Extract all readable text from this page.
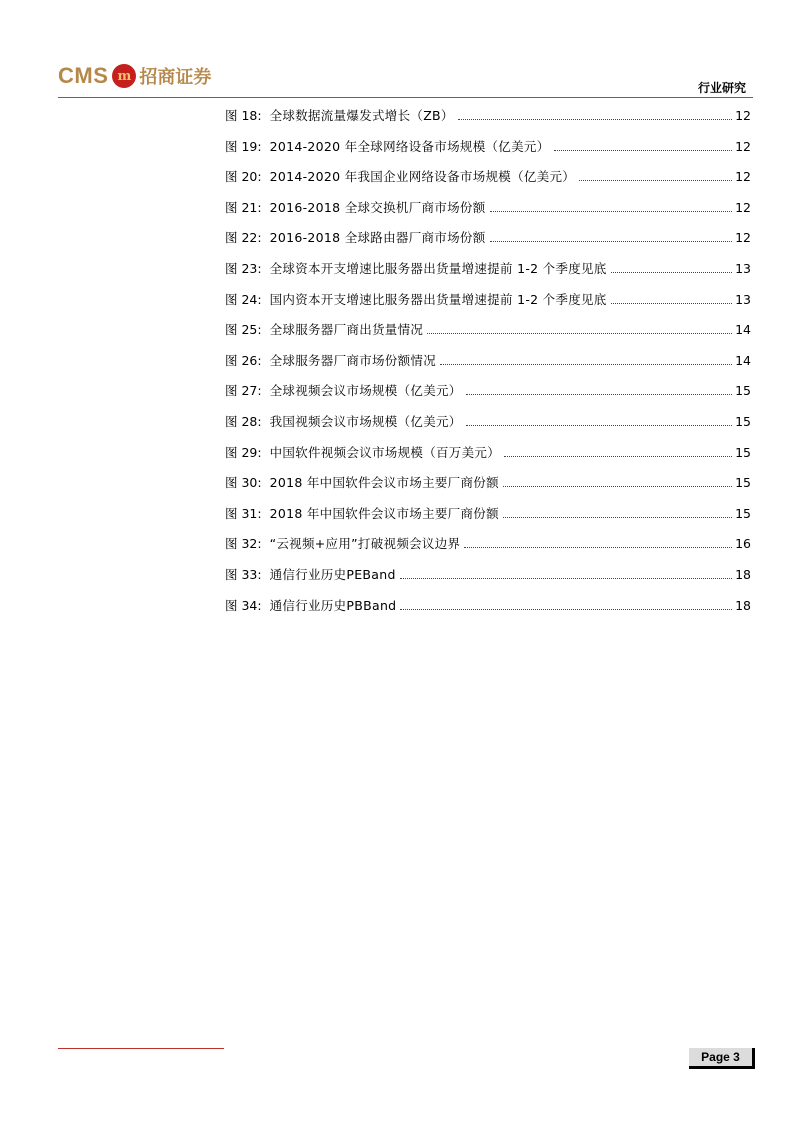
CMS m 招商证券	行业研究
图 18: 全球数据流量爆发式增长（ZB）	12
图 19: 2014-2020 年全球网络设备市场规模（亿美元）	12
图 20: 2014-2020 年我国企业网络设备市场规模（亿美元）	12
图 21: 2016-2018 全球交换机厂商市场份额	12
图 22: 2016-2018 全球路由器厂商市场份额	12
图 23: 全球资本开支增速比服务器出货量增速提前 1-2 个季度见底	13
图 24: 国内资本开支增速比服务器出货量增速提前 1-2 个季度见底	13
图 25: 全球服务器厂商出货量情况	14
图 26: 全球服务器厂商市场份额情况	14
图 27: 全球视频会议市场规模（亿美元）	15
图 28: 我国视频会议市场规模（亿美元）	15
图 29: 中国软件视频会议市场规模（百万美元）	15
图 30: 2018 年中国软件会议市场主要厂商份额	15
图 31: 2018 年中国软件会议市场主要厂商份额	15
图 32: “云视频+应用”打破视频会议边界	16
图 33: 通信行业历史PEBand	18
图 34: 通信行业历史PBBand	18
Page 3
